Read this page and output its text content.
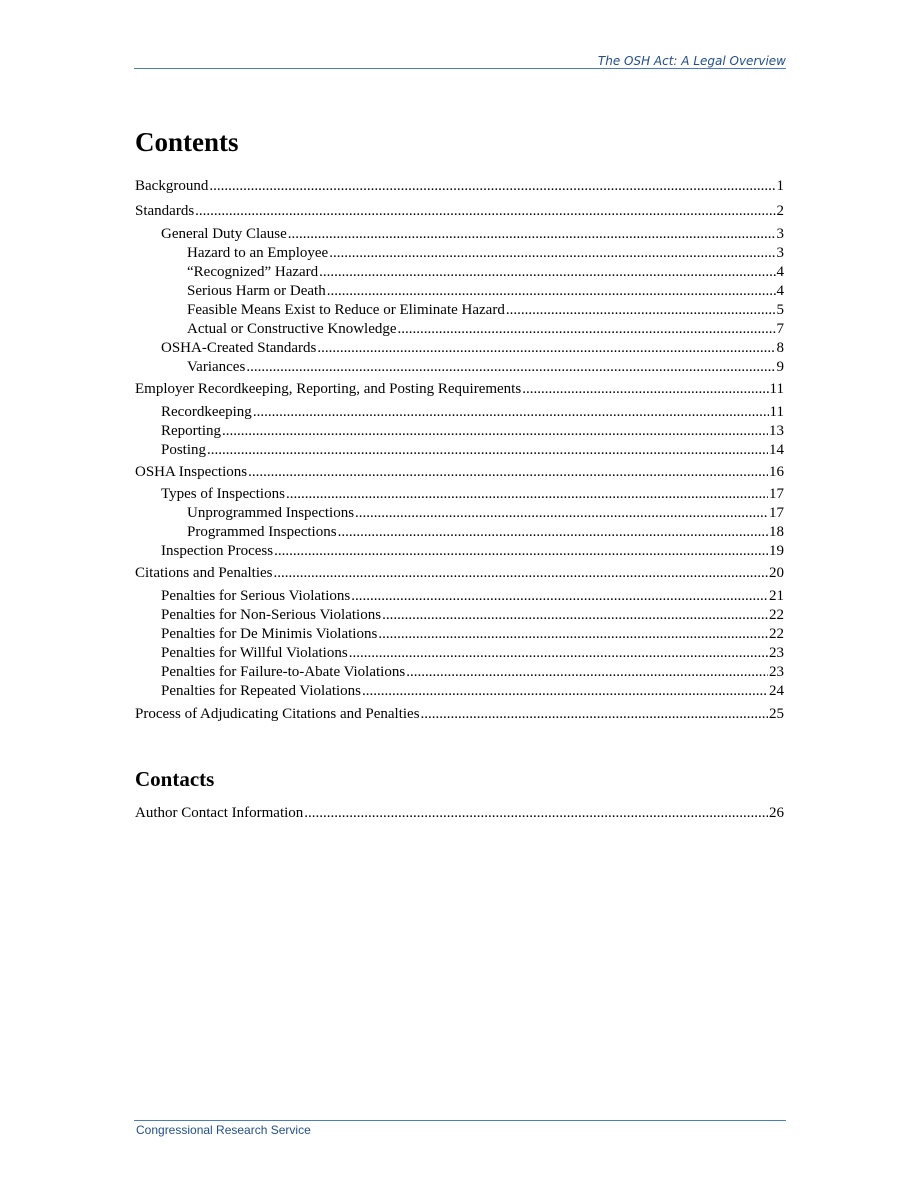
The OSH Act: A Legal Overview
Contents
Background .....	1
Standards .....	2
General Duty Clause .....	3
Hazard to an Employee .....	3
“Recognized” Hazard .....	4
Serious Harm or Death .....	4
Feasible Means Exist to Reduce or Eliminate Hazard .....	5
Actual or Constructive Knowledge .....	7
OSHA-Created Standards .....	8
Variances .....	9
Employer Recordkeeping, Reporting, and Posting Requirements .....	11
Recordkeeping .....	11
Reporting .....	13
Posting .....	14
OSHA Inspections .....	16
Types of Inspections .....	17
Unprogrammed Inspections .....	17
Programmed Inspections .....	18
Inspection Process .....	19
Citations and Penalties .....	20
Penalties for Serious Violations .....	21
Penalties for Non-Serious Violations .....	22
Penalties for De Minimis Violations .....	22
Penalties for Willful Violations .....	23
Penalties for Failure-to-Abate Violations .....	23
Penalties for Repeated Violations .....	24
Process of Adjudicating Citations and Penalties .....	25
Contacts
Author Contact Information .....	26
Congressional Research Service
